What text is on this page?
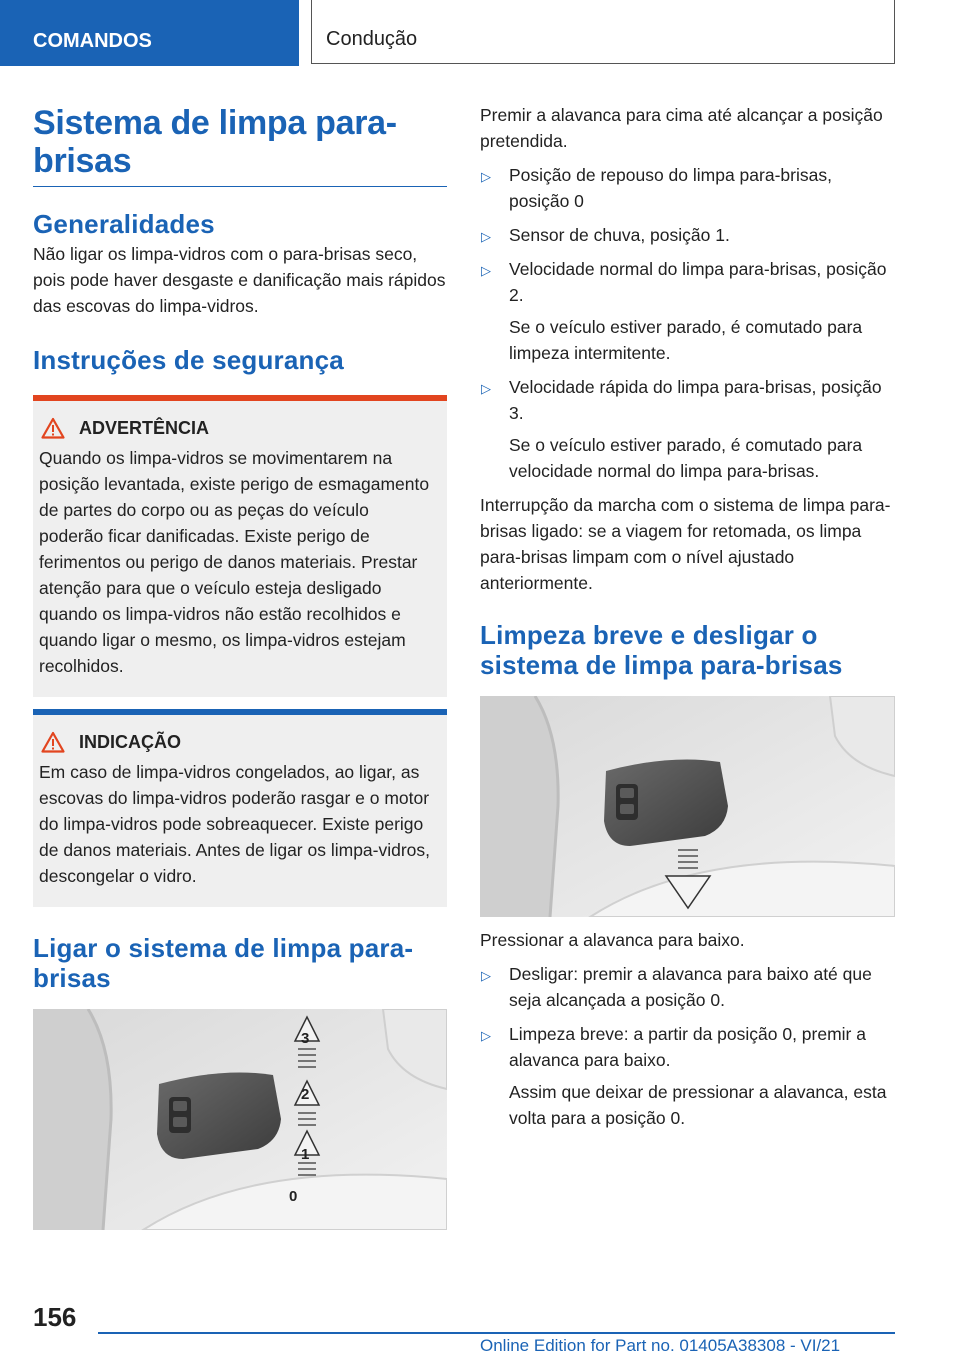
COMANDOS	Condução
Sistema de limpa para-brisas
Generalidades

Não ligar os limpa-vidros com o para-brisas seco, pois pode haver desgaste e danificação mais rápidos das escovas do limpa-vidros.

Instruções de segurança
ADVERTÊNCIA

Quando os limpa-vidros se movimentarem na posição levantada, existe perigo de esmagamento de partes do corpo ou as peças do veículo poderão ficar danificadas. Existe perigo de ferimentos ou perigo de danos materiais. Prestar atenção para que o veículo esteja desligado quando os limpa-vidros não estão recolhidos e quando ligar o mesmo, os limpa-vidros estejam recolhidos.

INDICAÇÃO

Em caso de limpa-vidros congelados, ao ligar, as escovas do limpa-vidros poderão rasgar e o motor do limpa-vidros pode sobreaquecer. Existe perigo de danos materiais. Antes de ligar os limpa-vidros, descongelar o vidro.

Ligar o sistema de limpa para-brisas
3
2
1
0

Premir a alavanca para cima até alcançar a posição pretendida.

▷ Posição de repouso do limpa para-brisas, posição 0
▷ Sensor de chuva, posição 1.
▷ Velocidade normal do limpa para-brisas, posição 2.
Se o veículo estiver parado, é comutado para limpeza intermitente.
▷ Velocidade rápida do limpa para-brisas, posição 3.
Se o veículo estiver parado, é comutado para velocidade normal do limpa para-brisas.

Interrupção da marcha com o sistema de limpa para-brisas ligado: se a viagem for retomada, os limpa para-brisas limpam com o nível ajustado anteriormente.

Limpeza breve e desligar o sistema de limpa para-brisas

Pressionar a alavanca para baixo.

▷ Desligar: premir a alavanca para baixo até que seja alcançada a posição 0.
▷ Limpeza breve: a partir da posição 0, premir a alavanca para baixo.
Assim que deixar de pressionar a alavanca, esta volta para a posição 0.
156
Online Edition for Part no. 01405A38308 - VI/21
